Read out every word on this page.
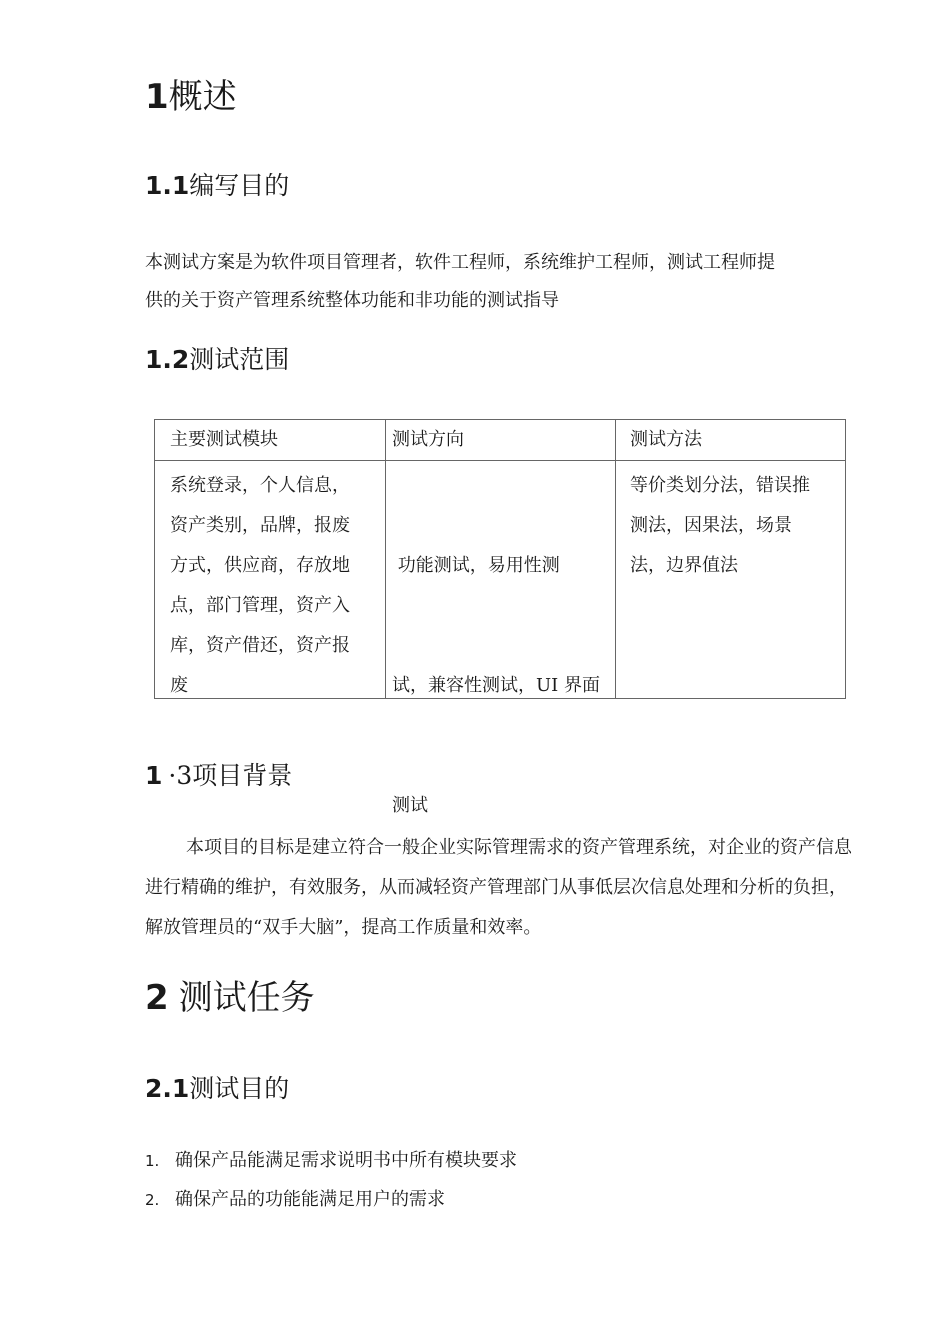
1概述
1.1编写目的
本测试方案是为软件项目管理者，软件工程师，系统维护工程师，测试工程师提
供的关于资产管理系统整体功能和非功能的测试指导
1.2测试范围
主要测试模块	测试方向	测试方法
系统登录，个人信息，
资产类别，品牌，报废
方式，供应商，存放地
点，部门管理，资产入
库，资产借还，资产报
废

功能测试，易用性测

试，兼容性测试，UI 界面

测试

等价类划分法，错误推
测法，因果法，场景
法，边界值法
1 ·3项目背景
本项目的目标是建立符合一般企业实际管理需求的资产管理系统，对企业的资产信息
进行精确的维护，有效服务，从而减轻资产管理部门从事低层次信息处理和分析的负担，
解放管理员的“双手大脑”，提高工作质量和效率。
2 测试任务
2.1测试目的
1. 确保产品能满足需求说明书中所有模块要求
2. 确保产品的功能能满足用户的需求
